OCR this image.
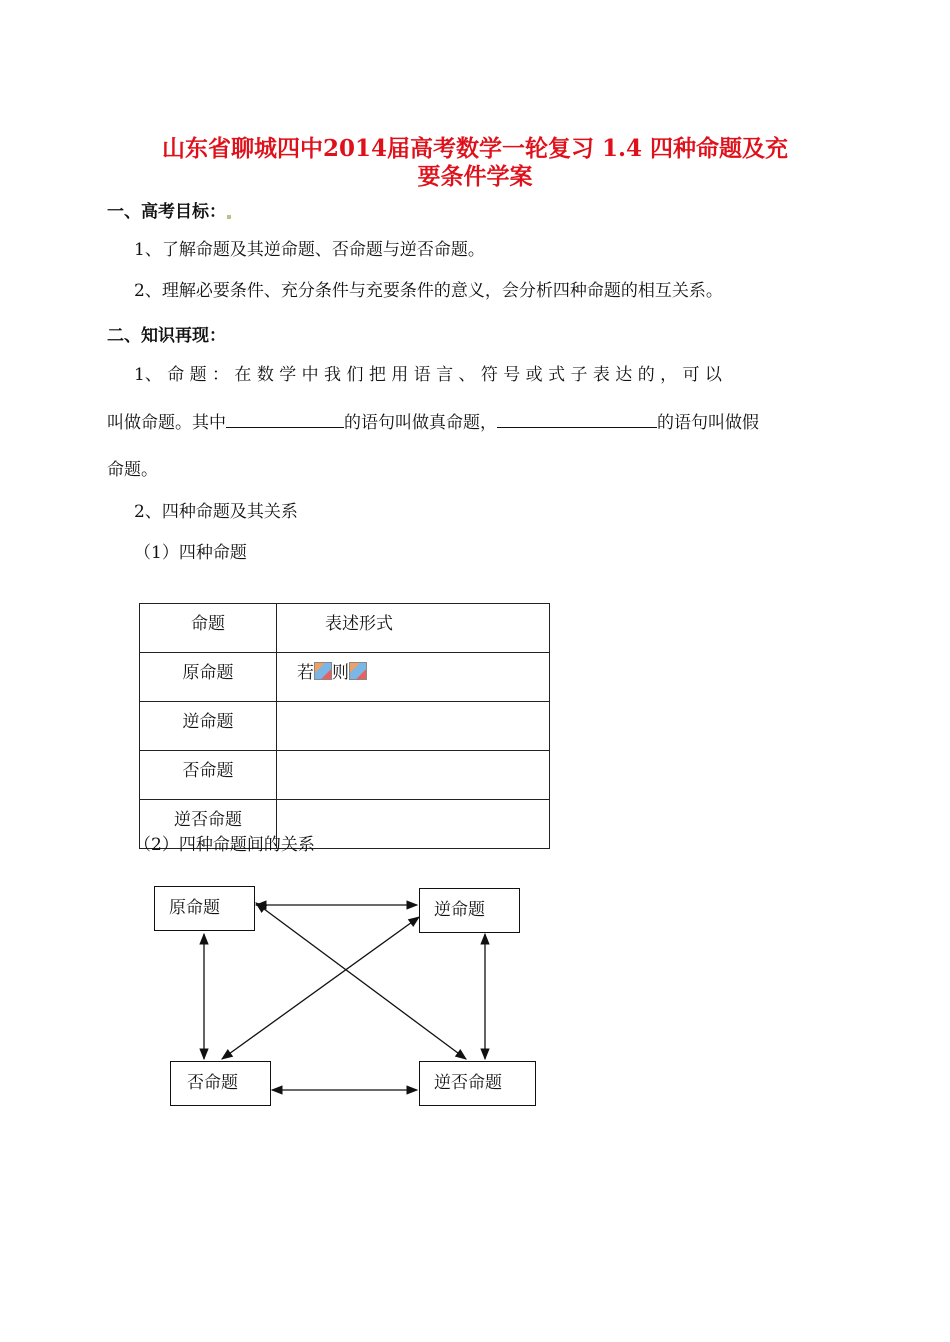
山东省聊城四中2014届高考数学一轮复习 1.4 四种命题及充
要条件学案
一、高考目标：
1、了解命题及其逆命题、否命题与逆否命题。
2、理解必要条件、充分条件与充要条件的意义，会分析四种命题的相互关系。
二、知识再现：
1、 命 题 ： 在 数 学 中 我 们 把 用 语 言 、 符 号 或 式 子 表 达 的 ， 可 以
叫做命题。其中	的语句叫做真命题，	的语句叫做假
命题。
2、四种命题及其关系
（1）四种命题
命题	表述形式
原命题	若 则
逆命题	
否命题	
逆否命题	
（2）四种命题间的关系
原命题	逆命题
否命题	逆否命题
